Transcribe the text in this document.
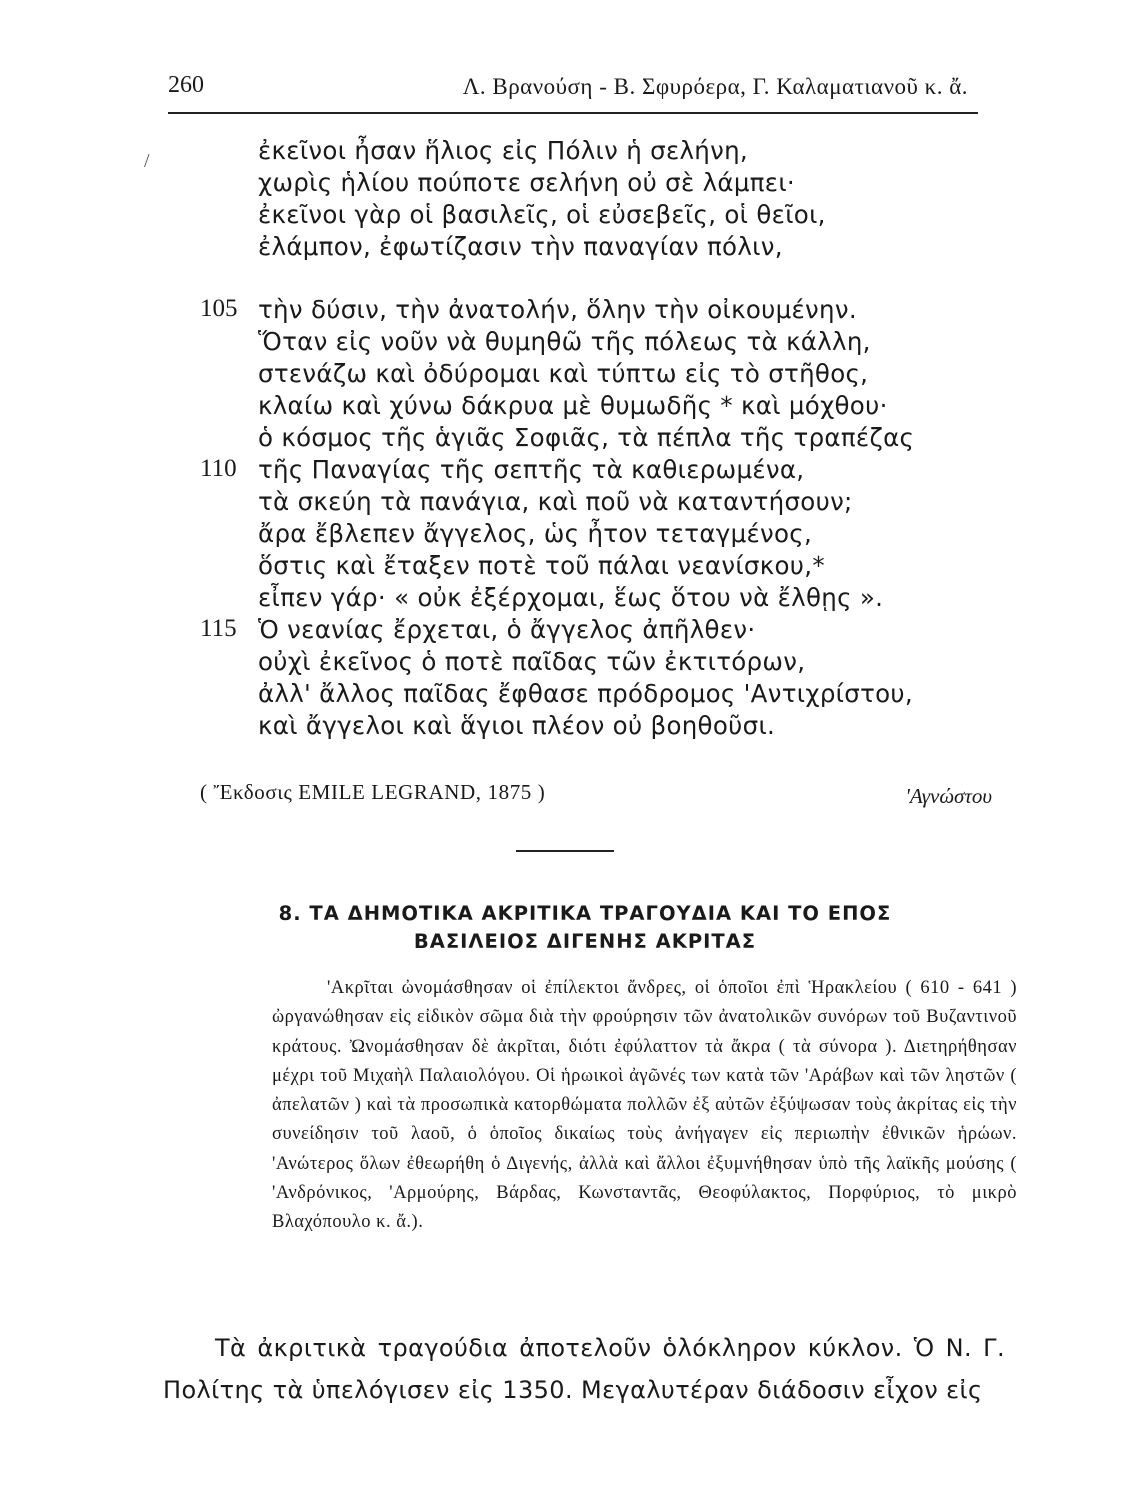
260	Λ. Βρανούση - Β. Σφυρόερα, Γ. Καλαματιανοῦ κ. ἄ.
/
105
110
115
ἐκεῖνοι ἦσαν ἥλιος εἰς Πόλιν ἡ σελήνη,
χωρὶς ἡλίου πούποτε σελήνη οὐ σὲ λάμπει·
ἐκεῖνοι γὰρ οἱ βασιλεῖς, οἱ εὐσεβεῖς, οἱ θεῖοι,
ἐλάμπον, ἐφωτίζασιν τὴν παναγίαν πόλιν,
τὴν δύσιν, τὴν ἀνατολήν, ὅλην τὴν οἰκουμένην.
Ὅταν εἰς νοῦν νὰ θυμηθῶ τῆς πόλεως τὰ κάλλη,
στενάζω καὶ ὀδύρομαι καὶ τύπτω εἰς τὸ στῆθος,
κλαίω καὶ χύνω δάκρυα μὲ θυμωδῆς * καὶ μόχθου·
ὁ κόσμος τῆς ἁγιᾶς Σοφιᾶς, τὰ πέπλα τῆς τραπέζας
τῆς Παναγίας τῆς σεπτῆς τὰ καθιερωμένα,
τὰ σκεύη τὰ πανάγια, καὶ ποῦ νὰ καταντήσουν;
ἄρα ἔβλεπεν ἄγγελος, ὡς ἦτον τεταγμένος,
ὅστις καὶ ἔταξεν ποτὲ τοῦ πάλαι νεανίσκου,*
εἶπεν γάρ· « οὐκ ἐξέρχομαι, ἕως ὅτου νὰ ἔλθῃς ».
Ὁ νεανίας ἔρχεται, ὁ ἄγγελος ἀπῆλθεν·
οὐχὶ ἐκεῖνος ὁ ποτὲ παῖδας τῶν ἐκτιτόρων,
ἀλλ' ἄλλος παῖδας ἔφθασε πρόδρομος 'Αντιχρίστου,
καὶ ἄγγελοι καὶ ἅγιοι πλέον οὐ βοηθοῦσι.
( Ἔκδοσις EMILE LEGRAND, 1875 )	'Αγνώστου
8. ΤΑ ΔΗΜΟΤΙΚΑ ΑΚΡΙΤΙΚΑ ΤΡΑΓΟΥΔΙΑ ΚΑΙ ΤΟ ΕΠΟΣ
ΒΑΣΙΛΕΙΟΣ ΔΙΓΕΝΗΣ ΑΚΡΙΤΑΣ
'Ακρῖται ὠνομάσθησαν οἱ ἐπίλεκτοι ἄνδρες, οἱ ὁποῖοι ἐπὶ Ἡρακλείου ( 610 - 641 ) ὠργανώθησαν εἰς εἰδικὸν σῶμα διὰ τὴν φρούρησιν τῶν ἀνατολικῶν συνόρων τοῦ Βυζαντινοῦ κράτους. Ὠνομάσθησαν δὲ ἀκρῖται, διότι ἐφύλαττον τὰ ἄκρα ( τὰ σύνορα ). Διετηρήθησαν μέχρι τοῦ Μιχαὴλ Παλαιολόγου. Οἱ ἡρωικοὶ ἀγῶνές των κατὰ τῶν 'Αράβων καὶ τῶν ληστῶν ( ἀπελατῶν ) καὶ τὰ προσωπικὰ κατορθώματα πολλῶν ἐξ αὐτῶν ἐξύψωσαν τοὺς ἀκρίτας εἰς τὴν συνείδησιν τοῦ λαοῦ, ὁ ὁποῖος δικαίως τοὺς ἀνήγαγεν εἰς περιωπὴν ἐθνικῶν ἡρώων. 'Ανώτερος ὅλων ἐθεωρήθη ὁ Διγενής, ἀλλὰ καὶ ἄλλοι ἐξυμνήθησαν ὑπὸ τῆς λαϊκῆς μούσης ( 'Ανδρόνικος, 'Αρμούρης, Βάρδας, Κωνσταντᾶς, Θεοφύλακτος, Πορφύριος, τὸ μικρὸ Βλαχόπουλο κ. ἄ.).
Τὰ ἀκριτικὰ τραγούδια ἀποτελοῦν ὁλόκληρον κύκλον. Ὁ Ν. Γ. Πολίτης τὰ ὑπελόγισεν εἰς 1350. Μεγαλυτέραν διάδοσιν εἶχον εἰς
